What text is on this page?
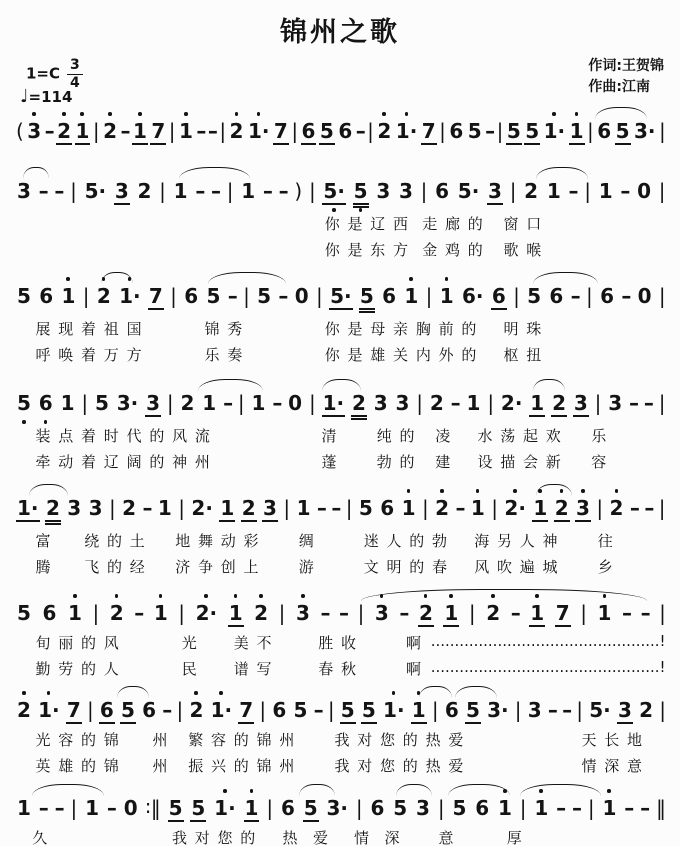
锦州之歌
$1=C \frac{3}{4}$
♩=114
作词:王贺锦
作曲:江南
( 3 – 2 1 | 2 – 1 7 | 1 – – | 2 1· 7 | 6 5 6 – | 2 1· 7 | 6 5 – | 5 5 1· 1 | 6 5 3· |
3 – – | 5· 3 2 | 1 – – | 1 – – ) | 5· 5 3 3 | 6 5· 3 | 2 1 – | 1 – 0 |
你 是 辽 西 走 廊 的 窗 口
你 是 东 方 金 鸡 的 歌 喉
5 6 1 | 2 1· 7 | 6 5 – | 5 – 0 | 5· 5 6 1 | 1 6· 6 | 5 6 – | 6 – 0 |
展 现 着 祖 国	锦 秀	你 是 母 亲 胸 前 的 明 珠
呼 唤 着 万 方	乐 奏	你 是 雄 关 内 外 的 枢 扭
5 6 1 | 5 3· 3 | 2 1 – | 1 – 0 | 1· 2 3 3 | 2 – 1 | 2· 1 2 3 | 3 – – |
装 点 着 时 代 的 风 流	清	纯 的 凌 水 荡 起 欢 乐
牵 动 着 辽 阔 的 神 州	蓬	勃 的 建 设 描 会 新 容
1· 2 3 3 | 2 – 1 | 2· 1 2 3 | 1 – – | 5 6 1 | 2 – 1 | 2· 1 2 3 | 2 – – |
富 绕 的 土 地 舞 动 彩	绸	迷 人 的 勃 海 另 人 神	往
腾 飞 的 经 济 争 创 上	游	文 明 的 春 风 吹 遍 城	乡
5 6 1 | 2 – 1 | 2· 1 2 | 3 – – | 3 – 2 1 | 2 – 1 7 | 1 – – |
旬 丽 的 风	光 美 不	胜 收	啊 ................................................!
勤 劳 的 人	民 谱 写	春 秋	啊 ................................................!
2 1· 7 | 6 5 6 – | 2 1· 7 | 6 5 – | 5 5 1· 1 | 6 5 3· | 3 – – | 5· 3 2 |
光 容 的 锦 州 繁 容 的 锦 州	我 对 您 的 热 爱	天 长 地
英 雄 的 锦 州 振 兴 的 锦 州	我 对 您 的 热 爱	情 深 意
1 – – | 1 – 0 ∶‖ 5 5 1· 1 | 6 5 3· | 6 5 3 | 5 6 1 | 1 – – | 1 – – ‖
久	我 对 您 的 热  爱 情  深	意	厚
